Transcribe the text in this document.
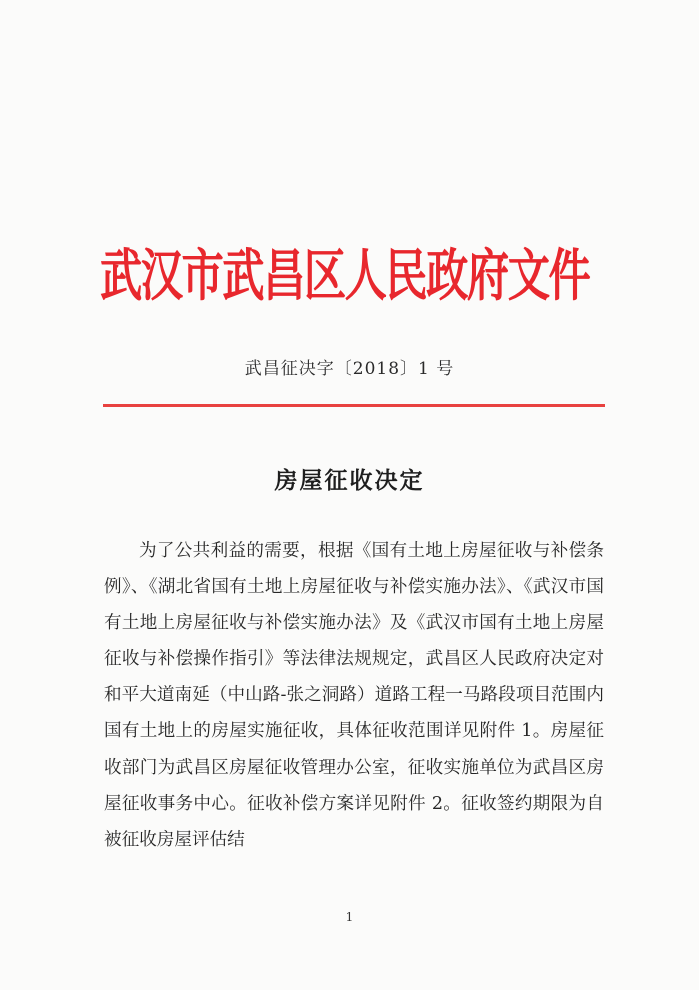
武汉市武昌区人民政府文件
武昌征决字〔2018〕1 号
房屋征收决定

为了公共利益的需要，根据《国有土地上房屋征收与补偿条例》、《湖北省国有土地上房屋征收与补偿实施办法》、《武汉市国有土地上房屋征收与补偿实施办法》及《武汉市国有土地上房屋征收与补偿操作指引》等法律法规规定，武昌区人民政府决定对和平大道南延（中山路-张之洞路）道路工程一马路段项目范围内国有土地上的房屋实施征收，具体征收范围详见附件 1。房屋征收部门为武昌区房屋征收管理办公室，征收实施单位为武昌区房屋征收事务中心。征收补偿方案详见附件 2。征收签约期限为自被征收房屋评估结

1
